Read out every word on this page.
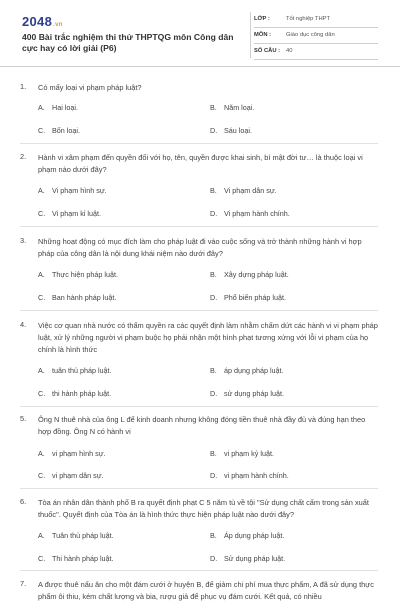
2048.vn
400 Bài trắc nghiệm thi thử THPTQG môn Công dân cực hay có lời giải (P6)
LỚP :	Tốt nghiệp THPT
MÔN :	Giáo dục công dân
SỐ CÂU : 40
1. Có mấy loại vi phạm pháp luật?
A. Hai loại.	B. Năm loại.
C. Bốn loại.	D. Sáu loại.
2. Hành vi xâm phạm đến quyền đối với họ, tên, quyền được khai sinh, bí mật đời tư… là thuộc loại vi phạm nào dưới đây?
A. Vi phạm hình sự.	B. Vi phạm dân sự.
C. Vi phạm kỉ luật.	D. Vi phạm hành chính.
3. Những hoạt động có mục đích làm cho pháp luật đi vào cuộc sống và trở thành những hành vi hợp pháp của công dân là nội dung khái niệm nào dưới đây?
A. Thực hiện pháp luật.	B. Xây dựng pháp luật.
C. Ban hành pháp luật.	D. Phổ biến pháp luật.
4. Việc cơ quan nhà nước có thẩm quyền ra các quyết định làm nhằm chấm dứt các hành vi vi phạm pháp luật, xử lý những người vi phạm buộc họ phải nhận một hình phạt tương xứng với lỗi vi phạm của họ chính là hình thức
A. tuân thủ pháp luật.	B. áp dụng pháp luật.
C. thi hành pháp luật.	D. sử dụng pháp luật.
5. Ông N thuê nhà của ông L để kinh doanh nhưng không đóng tiền thuê nhà đầy đủ và đúng hạn theo hợp đồng. Ông N có hành vi
A. vi phạm hình sự.	B. vi phạm kỷ luật.
C. vi phạm dân sự.	D. vi phạm hành chính.
6. Tòa án nhân dân thành phố B ra quyết định phạt C 5 năm tù về tội "Sử dụng chất cấm trong sản xuất thuốc". Quyết định của Tòa án là hình thức thực hiện pháp luật nào dưới đây?
A. Tuân thủ pháp luật.	B. Áp dụng pháp luật.
C. Thi hành pháp luật.	D. Sử dụng pháp luật.
7. A được thuê nấu ăn cho một đám cưới ở huyện B, để giảm chi phí mua thực phẩm, A đã sử dụng thực phẩm ôi thiu, kém chất lượng và bia, rượu giả để phục vụ đám cưới. Kết quả, có nhiều
